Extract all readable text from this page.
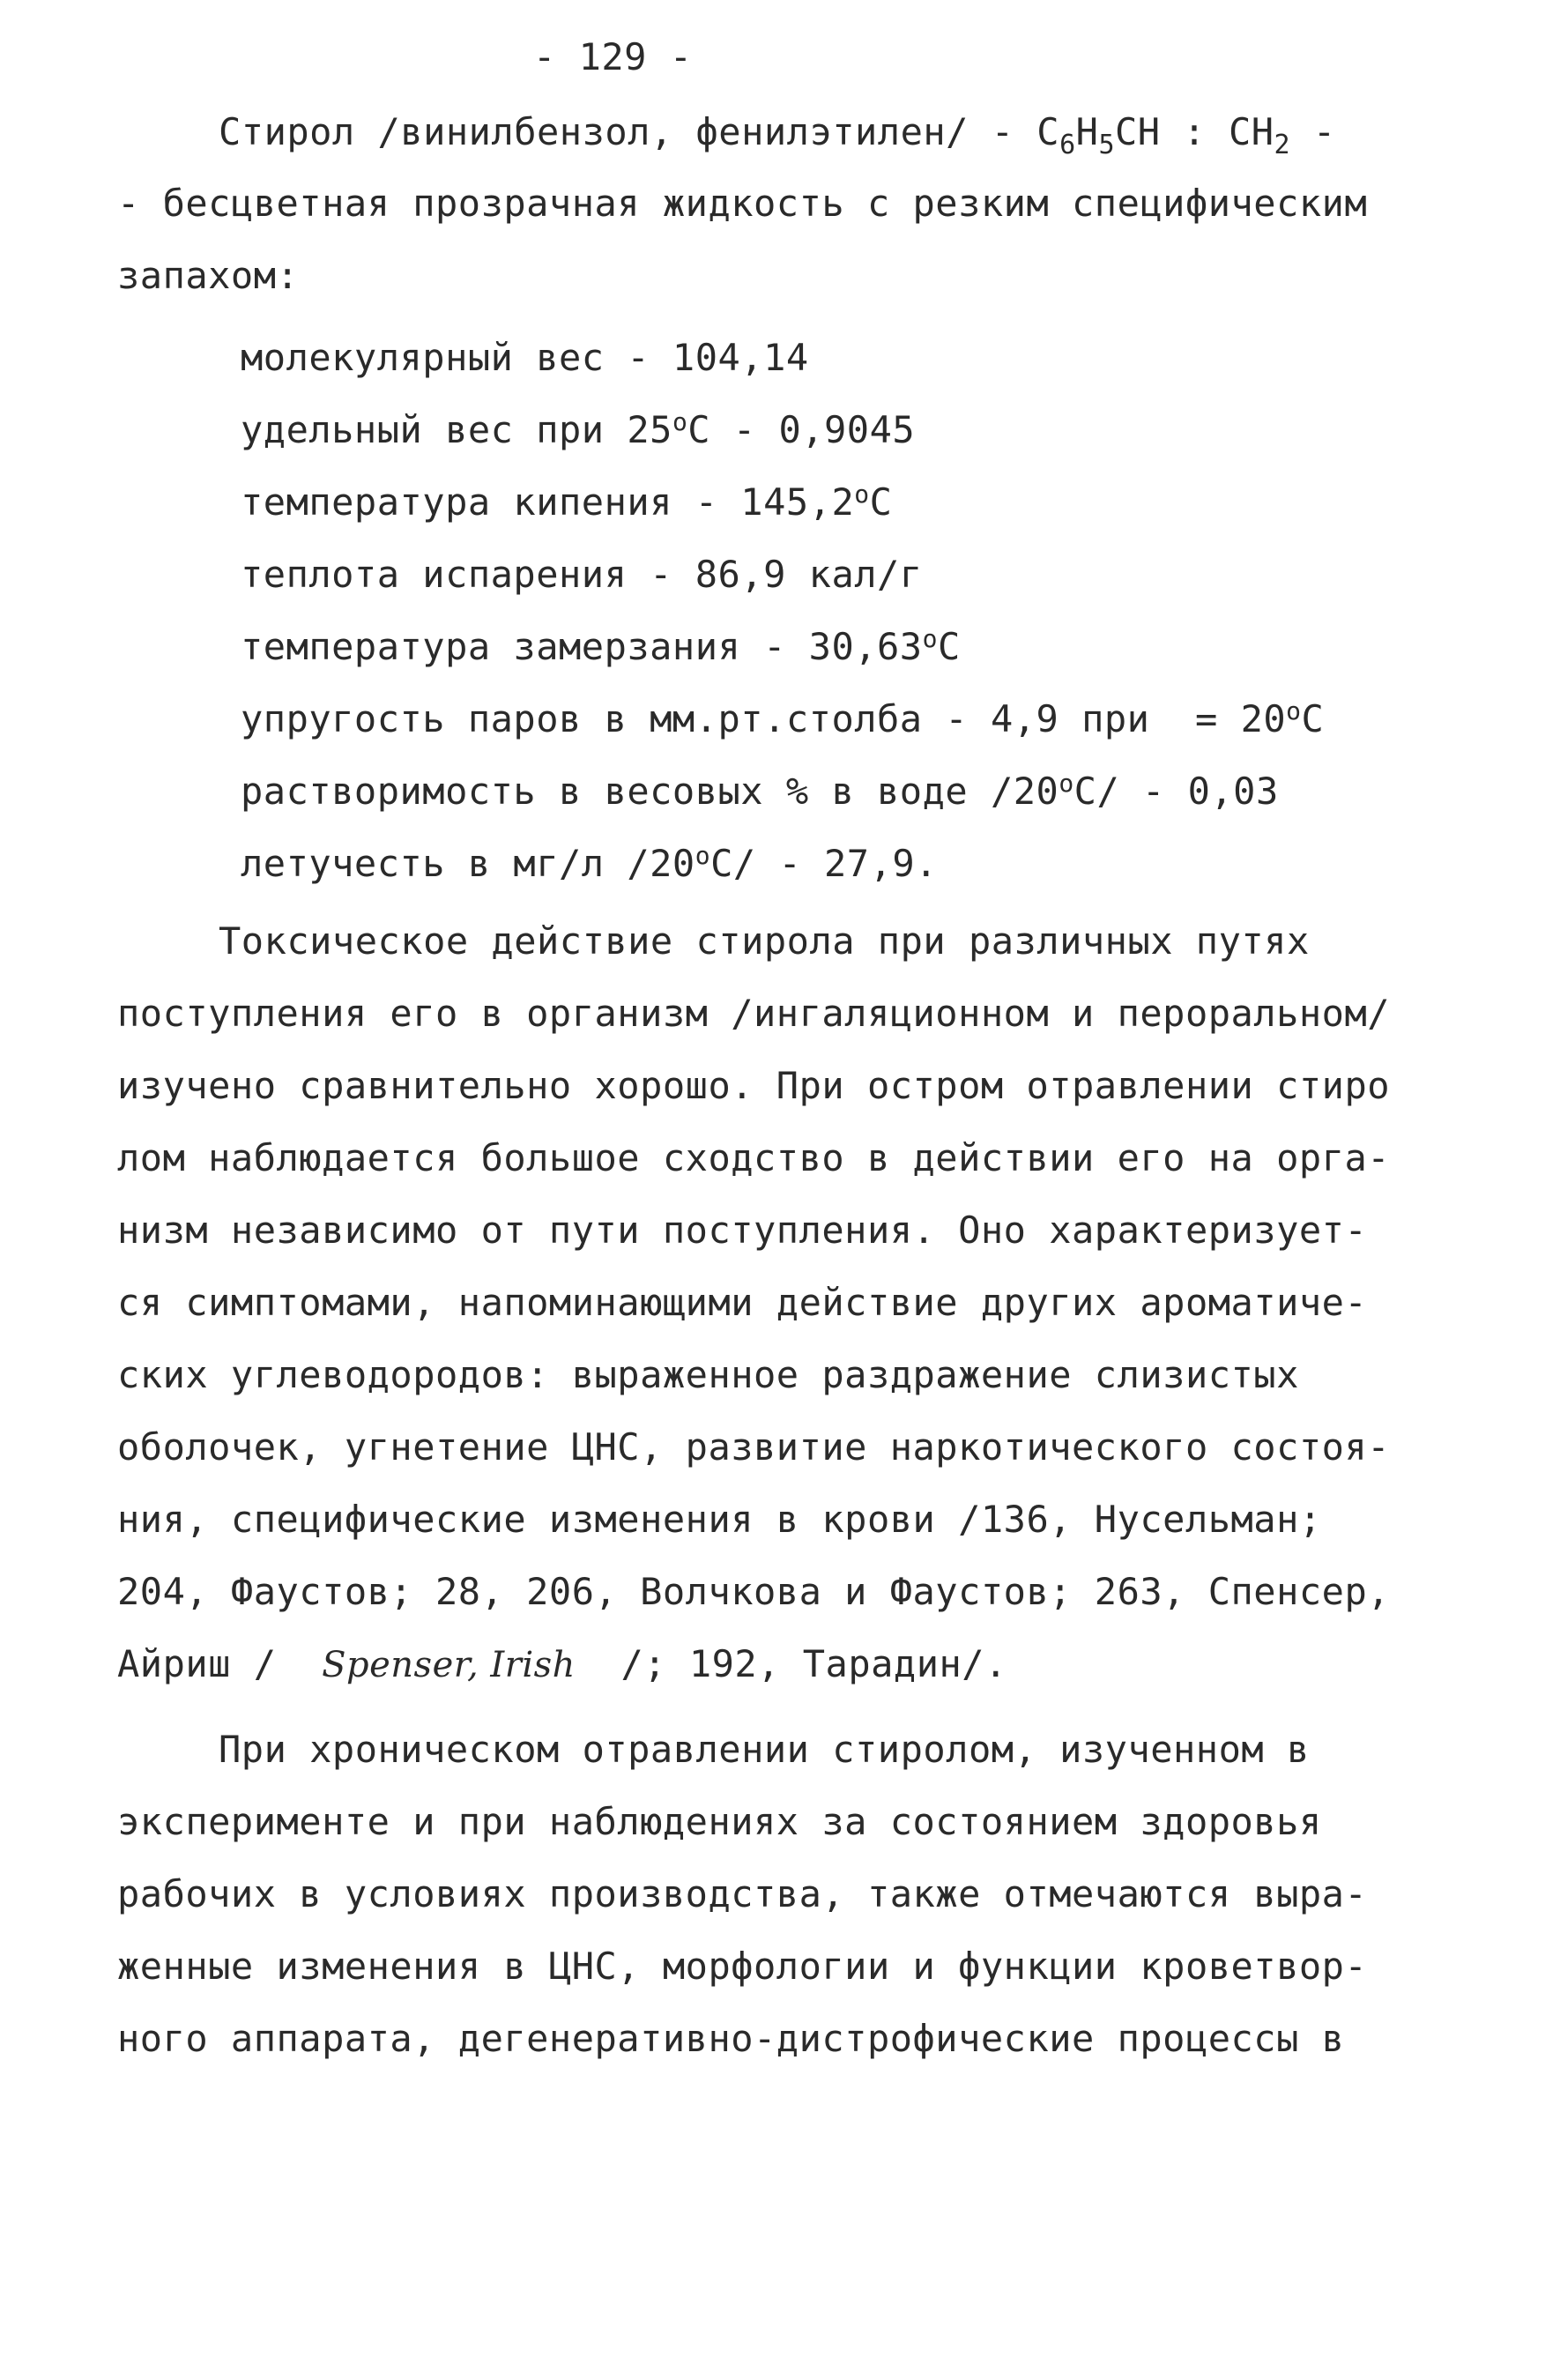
- 129 -
Стирол /винилбензол, фенилэтилен/ - $С_6Н_5СН$ : $СН_2$ -
- бесцветная прозрачная жидкость с резким специфическим
запахом:
молекулярный вес - 104,14
удельный вес при $25^оС - 0,9045$
температура кипения - $145,2^оС$
теплота испарения - 86,9 кал/г
температура замерзания - $30,63^оС$
упругость паров в мм.рт.столба - 4,9 при  = $20^оС$
растворимость в весовых % в воде $/20^оС/ - 0,03$
летучесть в мг/л $/20^оС/ - 27,9$.
Токсическое действие стирола при различных путях
поступления его в организм /ингаляционном и пероральном/
изучено сравнительно хорошо. При остром отравлении стиро
лом наблюдается большое сходство в действии его на орга-
низм независимо от пути поступления. Оно характеризует-
ся симптомами, напоминающими действие других ароматиче-
ских углеводородов: выраженное раздражение слизистых
оболочек, угнетение ЦНС, развитие наркотического состоя-
ния, специфические изменения в крови /136, Нусельман;
204, Фаустов; 28, 206, Волчкова и Фаустов; 263, Спенсер,
Айриш / Spenser, Irish /; 192, Тарадин/.
При хроническом отравлении стиролом, изученном в
эксперименте и при наблюдениях за состоянием здоровья
рабочих в условиях производства, также отмечаются выра-
женные изменения в ЦНС, морфологии и функции кроветвор-
ного аппарата, дегенеративно-дистрофические процессы в
